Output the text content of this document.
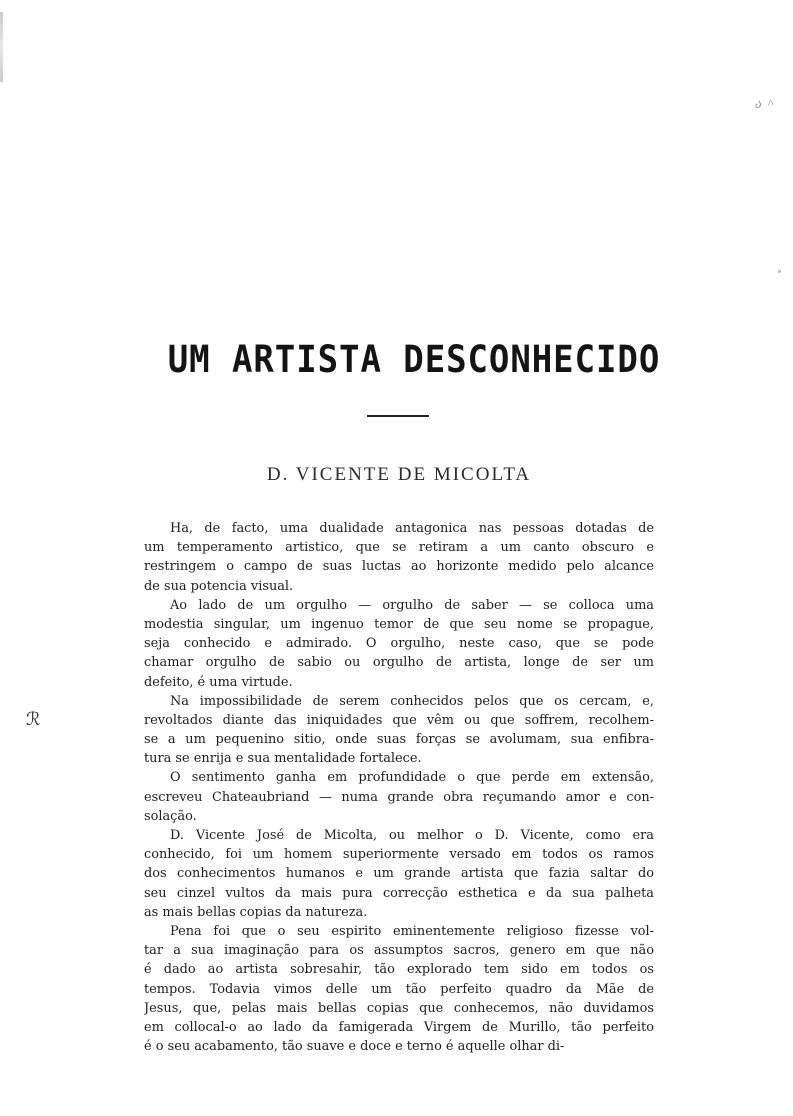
ა ^
UM ARTISTA DESCONHECIDO
D. VICENTE DE MICOLTA
ℛ
Ha, de facto, uma dualidade antagonica nas pessoas dotadas de
um temperamento artistico, que se retiram a um canto obscuro e
restringem o campo de suas luctas ao horizonte medido pelo alcance
de sua potencia visual.
Ao lado de um orgulho — orgulho de saber — se colloca uma
modestia singular, um ingenuo temor de que seu nome se propague,
seja conhecido e admirado. O orgulho, neste caso, que se pode
chamar orgulho de sabio ou orgulho de artista, longe de ser um
defeito, é uma virtude.
Na impossibilidade de serem conhecidos pelos que os cercam, e,
revoltados diante das iniquidades que vêm ou que soffrem, recolhem-
se a um pequenino sitio, onde suas forças se avolumam, sua enfibra-
tura se enrija e sua mentalidade fortalece.
O sentimento ganha em profundidade o que perde em extensão,
escreveu Chateaubriand — numa grande obra reçumando amor e con-
solação.
D. Vicente José de Micolta, ou melhor o D. Vicente, como era
conhecido, foi um homem superiormente versado em todos os ramos
dos conhecimentos humanos e um grande artista que fazia saltar do
seu cinzel vultos da mais pura correcção esthetica e da sua palheta
as mais bellas copias da natureza.
Pena foi que o seu espirito eminentemente religioso fizesse vol-
tar a sua imaginação para os assumptos sacros, genero em que não
é dado ao artista sobresahir, tão explorado tem sido em todos os
tempos. Todavia vimos delle um tão perfeito quadro da Mãe de
Jesus, que, pelas mais bellas copias que conhecemos, não duvidamos
em collocal-o ao lado da famigerada Virgem de Murillo, tão perfeito
é o seu acabamento, tão suave e doce e terno é aquelle olhar di-
